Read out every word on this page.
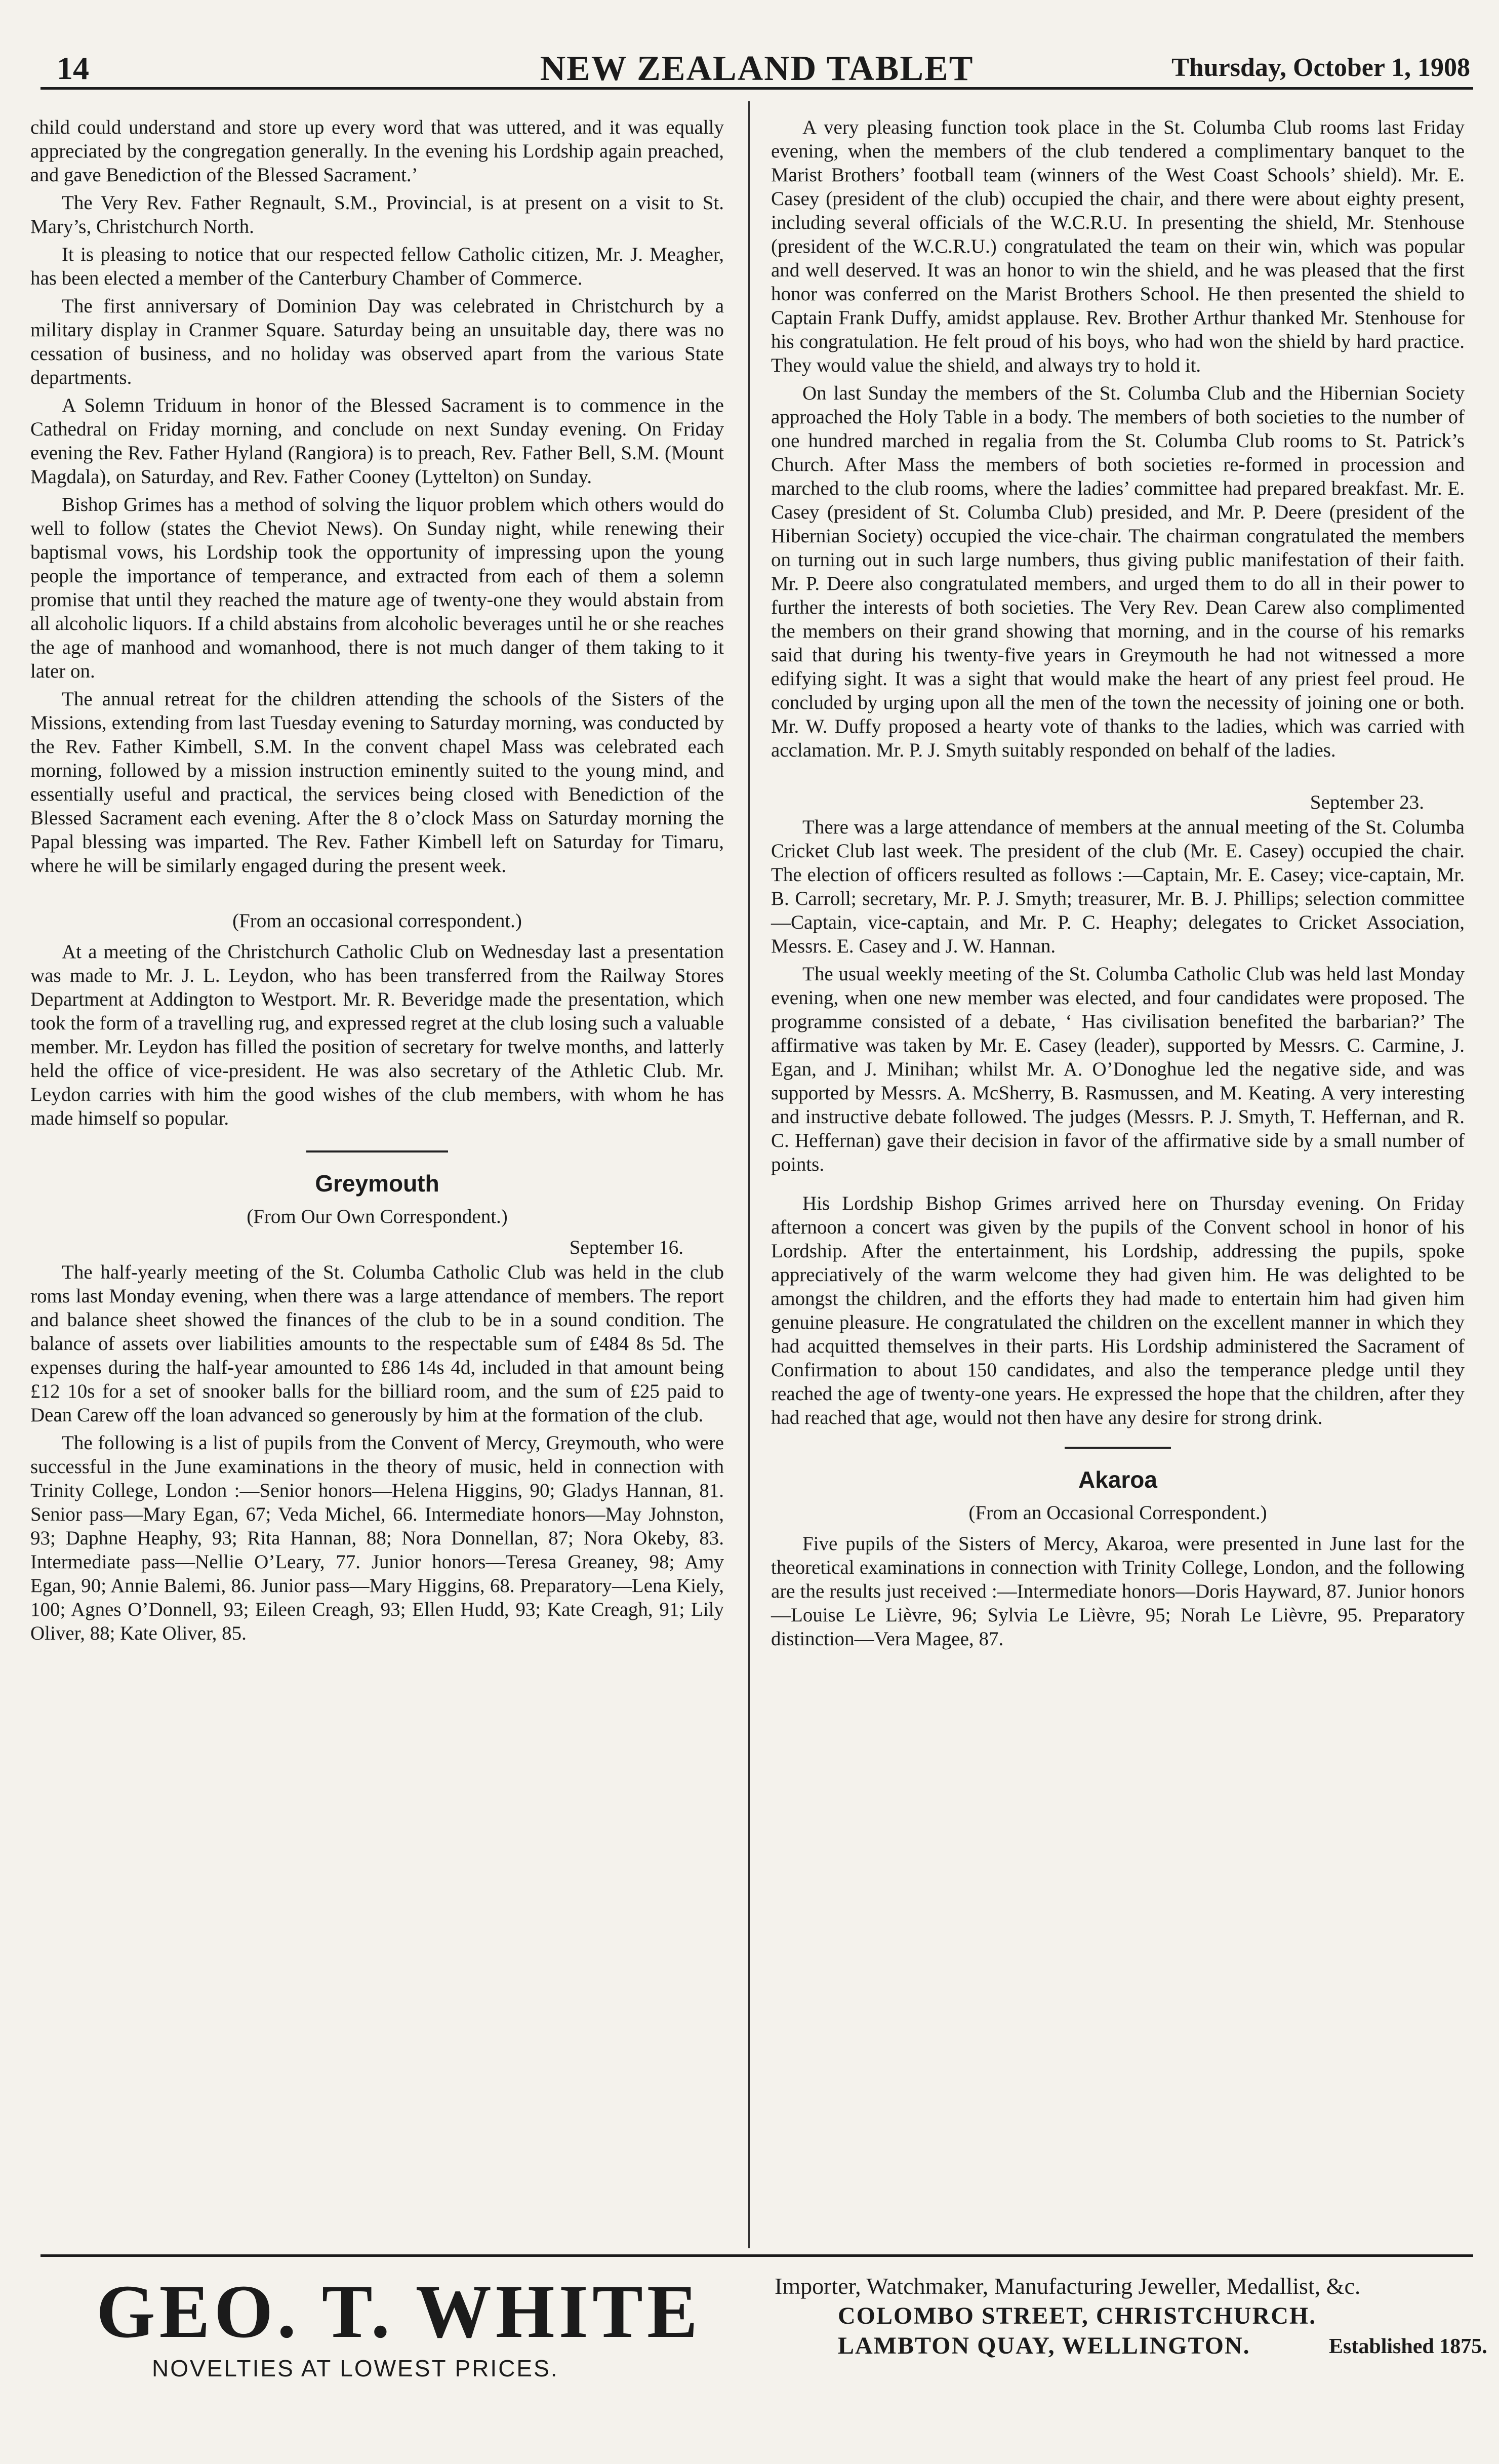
14	NEW ZEALAND TABLET	Thursday, October 1, 1908

child could understand and store up every word that was uttered, and it was equally appreciated by the congregation generally. In the evening his Lordship again preached, and gave Benediction of the Blessed Sacrament.’

The Very Rev. Father Regnault, S.M., Provincial, is at present on a visit to St. Mary’s, Christchurch North.

It is pleasing to notice that our respected fellow Catholic citizen, Mr. J. Meagher, has been elected a member of the Canterbury Chamber of Commerce.

The first anniversary of Dominion Day was celebrated in Christchurch by a military display in Cranmer Square. Saturday being an unsuitable day, there was no cessation of business, and no holiday was observed apart from the various State departments.

A Solemn Triduum in honor of the Blessed Sacrament is to commence in the Cathedral on Friday morning, and conclude on next Sunday evening. On Friday evening the Rev. Father Hyland (Rangiora) is to preach, Rev. Father Bell, S.M. (Mount Magdala), on Saturday, and Rev. Father Cooney (Lyttelton) on Sunday.

Bishop Grimes has a method of solving the liquor problem which others would do well to follow (states the Cheviot News). On Sunday night, while renewing their baptismal vows, his Lordship took the opportunity of impressing upon the young people the importance of temperance, and extracted from each of them a solemn promise that until they reached the mature age of twenty-one they would abstain from all alcoholic liquors. If a child abstains from alcoholic beverages until he or she reaches the age of manhood and womanhood, there is not much danger of them taking to it later on.

The annual retreat for the children attending the schools of the Sisters of the Missions, extending from last Tuesday evening to Saturday morning, was conducted by the Rev. Father Kimbell, S.M. In the convent chapel Mass was celebrated each morning, followed by a mission instruction eminently suited to the young mind, and essentially useful and practical, the services being closed with Benediction of the Blessed Sacrament each evening. After the 8 o’clock Mass on Saturday morning the Papal blessing was imparted. The Rev. Father Kimbell left on Saturday for Timaru, where he will be similarly engaged during the present week.

(From an occasional correspondent.)

At a meeting of the Christchurch Catholic Club on Wednesday last a presentation was made to Mr. J. L. Leydon, who has been transferred from the Railway Stores Department at Addington to Westport. Mr. R. Beveridge made the presentation, which took the form of a travelling rug, and expressed regret at the club losing such a valuable member. Mr. Leydon has filled the position of secretary for twelve months, and latterly held the office of vice-president. He was also secretary of the Athletic Club. Mr. Leydon carries with him the good wishes of the club members, with whom he has made himself so popular.

Greymouth
(From Our Own Correspondent.)
September 16.

The half-yearly meeting of the St. Columba Catholic Club was held in the club roms last Monday evening, when there was a large attendance of members. The report and balance sheet showed the finances of the club to be in a sound condition. The balance of assets over liabilities amounts to the respectable sum of £484 8s 5d. The expenses during the half-year amounted to £86 14s 4d, included in that amount being £12 10s for a set of snooker balls for the billiard room, and the sum of £25 paid to Dean Carew off the loan advanced so generously by him at the formation of the club.

The following is a list of pupils from the Convent of Mercy, Greymouth, who were successful in the June examinations in the theory of music, held in connection with Trinity College, London :—Senior honors—Helena Higgins, 90; Gladys Hannan, 81. Senior pass—Mary Egan, 67; Veda Michel, 66. Intermediate honors—May Johnston, 93; Daphne Heaphy, 93; Rita Hannan, 88; Nora Donnellan, 87; Nora Okeby, 83. Intermediate pass—Nellie O’Leary, 77. Junior honors—Teresa Greaney, 98; Amy Egan, 90; Annie Balemi, 86. Junior pass—Mary Higgins, 68. Preparatory—Lena Kiely, 100; Agnes O’Donnell, 93; Eileen Creagh, 93; Ellen Hudd, 93; Kate Creagh, 91; Lily Oliver, 88; Kate Oliver, 85.

A very pleasing function took place in the St. Columba Club rooms last Friday evening, when the members of the club tendered a complimentary banquet to the Marist Brothers’ football team (winners of the West Coast Schools’ shield). Mr. E. Casey (president of the club) occupied the chair, and there were about eighty present, including several officials of the W.C.R.U. In presenting the shield, Mr. Stenhouse (president of the W.C.R.U.) congratulated the team on their win, which was popular and well deserved. It was an honor to win the shield, and he was pleased that the first honor was conferred on the Marist Brothers School. He then presented the shield to Captain Frank Duffy, amidst applause. Rev. Brother Arthur thanked Mr. Stenhouse for his congratulation. He felt proud of his boys, who had won the shield by hard practice. They would value the shield, and always try to hold it.

On last Sunday the members of the St. Columba Club and the Hibernian Society approached the Holy Table in a body. The members of both societies to the number of one hundred marched in regalia from the St. Columba Club rooms to St. Patrick’s Church. After Mass the members of both societies re-formed in procession and marched to the club rooms, where the ladies’ committee had prepared breakfast. Mr. E. Casey (president of St. Columba Club) presided, and Mr. P. Deere (president of the Hibernian Society) occupied the vice-chair. The chairman congratulated the members on turning out in such large numbers, thus giving public manifestation of their faith. Mr. P. Deere also congratulated members, and urged them to do all in their power to further the interests of both societies. The Very Rev. Dean Carew also complimented the members on their grand showing that morning, and in the course of his remarks said that during his twenty-five years in Greymouth he had not witnessed a more edifying sight. It was a sight that would make the heart of any priest feel proud. He concluded by urging upon all the men of the town the necessity of joining one or both. Mr. W. Duffy proposed a hearty vote of thanks to the ladies, which was carried with acclamation. Mr. P. J. Smyth suitably responded on behalf of the ladies.

September 23.

There was a large attendance of members at the annual meeting of the St. Columba Cricket Club last week. The president of the club (Mr. E. Casey) occupied the chair. The election of officers resulted as follows :—Captain, Mr. E. Casey; vice-captain, Mr. B. Carroll; secretary, Mr. P. J. Smyth; treasurer, Mr. B. J. Phillips; selection committee—Captain, vice-captain, and Mr. P. C. Heaphy; delegates to Cricket Association, Messrs. E. Casey and J. W. Hannan.

The usual weekly meeting of the St. Columba Catholic Club was held last Monday evening, when one new member was elected, and four candidates were proposed. The programme consisted of a debate, ‘ Has civilisation benefited the barbarian?’ The affirmative was taken by Mr. E. Casey (leader), supported by Messrs. C. Carmine, J. Egan, and J. Minihan; whilst Mr. A. O’Donoghue led the negative side, and was supported by Messrs. A. McSherry, B. Rasmussen, and M. Keating. A very interesting and instructive debate followed. The judges (Messrs. P. J. Smyth, T. Heffernan, and R. C. Heffernan) gave their decision in favor of the affirmative side by a small number of points.

His Lordship Bishop Grimes arrived here on Thursday evening. On Friday afternoon a concert was given by the pupils of the Convent school in honor of his Lordship. After the entertainment, his Lordship, addressing the pupils, spoke appreciatively of the warm welcome they had given him. He was delighted to be amongst the children, and the efforts they had made to entertain him had given him genuine pleasure. He congratulated the children on the excellent manner in which they had acquitted themselves in their parts. His Lordship administered the Sacrament of Confirmation to about 150 candidates, and also the temperance pledge until they reached the age of twenty-one years. He expressed the hope that the children, after they had reached that age, would not then have any desire for strong drink.

Akaroa
(From an Occasional Correspondent.)

Five pupils of the Sisters of Mercy, Akaroa, were presented in June last for the theoretical examinations in connection with Trinity College, London, and the following are the results just received :—Intermediate honors—Doris Hayward, 87. Junior honors—Louise Le Lièvre, 96; Sylvia Le Lièvre, 95; Norah Le Lièvre, 95. Preparatory distinction—Vera Magee, 87.

GEO. T. WHITE
NOVELTIES AT LOWEST PRICES.
Importer, Watchmaker, Manufacturing Jeweller, Medallist, &c.
COLOMBO STREET, CHRISTCHURCH.
LAMBTON QUAY, WELLINGTON.	Established 1875.
